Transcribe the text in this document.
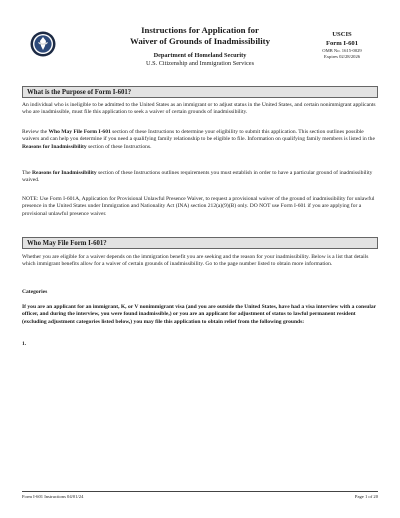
Instructions for Application for
Waiver of Grounds of Inadmissibility
Department of Homeland Security
U.S. Citizenship and Immigration Services
USCIS
Form I-601
OMB No. 1615-0029
Expires 02/28/2026
What is the Purpose of Form I-601?
An individual who is ineligible to be admitted to the United States as an immigrant or to adjust status in the United States, and certain nonimmigrant applicants who are inadmissible, must file this application to seek a waiver of certain grounds of inadmissibility.
Review the Who May File Form I-601 section of these Instructions to determine your eligibility to submit this application. This section outlines possible waivers and can help you determine if you need a qualifying family relationship to be eligible to file. Information on qualifying family members is listed in the Reasons for Inadmissibility section of these Instructions.
The Reasons for Inadmissibility section of these Instructions outlines requirements you must establish in order to have a particular ground of inadmissibility waived.
NOTE: Use Form I-601A, Application for Provisional Unlawful Presence Waiver, to request a provisional waiver of the ground of inadmissibility for unlawful presence in the United States under Immigration and Nationality Act (INA) section 212(a)(9)(B) only. DO NOT use Form I-601 if you are applying for a provisional unlawful presence waiver.
Who May File Form I-601?
Whether you are eligible for a waiver depends on the immigration benefit you are seeking and the reason for your inadmissibility. Below is a list that details which immigrant benefits allow for a waiver of certain grounds of inadmissibility. Go to the page number listed to obtain more information.
Categories
If you are an applicant for an immigrant, K, or V nonimmigrant visa (and you are outside the United States, have had a visa interview with a consular officer, and during the interview, you were found inadmissible,) or you are an applicant for adjustment of status to lawful permanent resident (excluding adjustment categories listed below,) you may file this application to obtain relief from the following grounds:
1.
Form I-601 Instructions 04/01/24	Page 1 of 20
